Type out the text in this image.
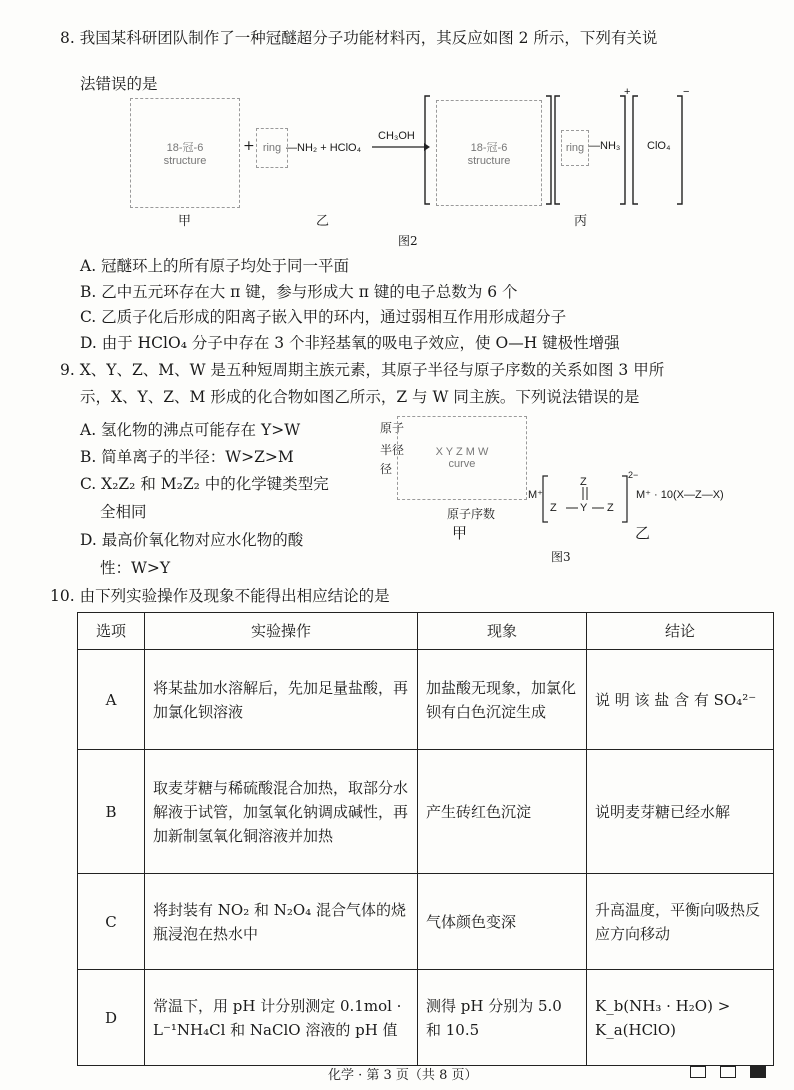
8. 我国某科研团队制作了一种冠醚超分子功能材料丙，其反应如图 2 所示，下列有关说
法错误的是
18-冠-6
structure
+ ring —NH₂ + HClO₄
CH₃OH
18-冠-6
structure
ring —NH₃
+
ClO₄
−
甲	乙	丙
图2
A. 冠醚环上的所有原子均处于同一平面
B. 乙中五元环存在大 π 键，参与形成大 π 键的电子总数为 6 个
C. 乙质子化后形成的阳离子嵌入甲的环内，通过弱相互作用形成超分子
D. 由于 HClO₄ 分子中存在 3 个非羟基氧的吸电子效应，使 O—H 键极性增强
9. X、Y、Z、M、W 是五种短周期主族元素，其原子半径与原子序数的关系如图 3 甲所
示，X、Y、Z、M 形成的化合物如图乙所示，Z 与 W 同主族。下列说法错误的是
A. 氢化物的沸点可能存在 Y>W
B. 简单离子的半径：W>Z>M
C. X₂Z₂ 和 M₂Z₂ 中的化学键类型完
全相同
D. 最高价氧化物对应水化物的酸
性：W>Y
原子
半径
径
X Y Z M W
curve
原子序数
甲
M⁺
Z
Z
Y Z
2−
M⁺ · 10(X—Z—X)
乙
图3
10. 由下列实验操作及现象不能得出相应结论的是
选项	实验操作	现象	结论
A	将某盐加水溶解后，先加足量盐酸，再加氯化钡溶液	加盐酸无现象，加氯化钡有白色沉淀生成	说 明 该 盐 含 有 SO₄²⁻
B	取麦芽糖与稀硫酸混合加热，取部分水解液于试管，加氢氧化钠调成碱性，再加新制氢氧化铜溶液并加热	产生砖红色沉淀	说明麦芽糖已经水解
C	将封装有 NO₂ 和 N₂O₄ 混合气体的烧瓶浸泡在热水中	气体颜色变深	升高温度，平衡向吸热反应方向移动
D	常温下，用 pH 计分别测定 0.1mol · L⁻¹NH₄Cl 和 NaClO 溶液的 pH 值	测得 pH 分别为 5.0 和 10.5	K_b(NH₃ · H₂O) > K_a(HClO)
化学 · 第 3 页（共 8 页）
